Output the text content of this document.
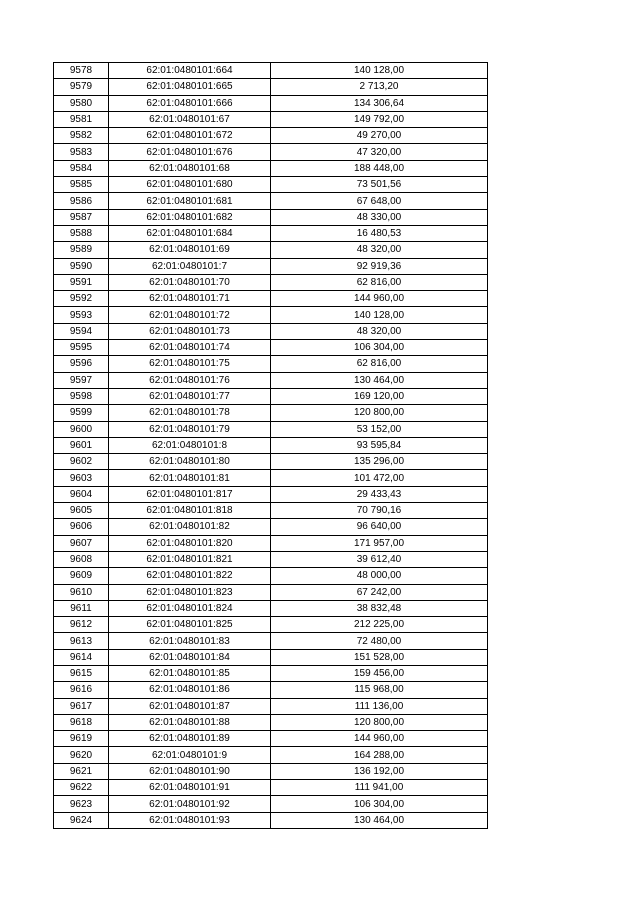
9578	62:01:0480101:664	140 128,00
9579	62:01:0480101:665	2 713,20
9580	62:01:0480101:666	134 306,64
9581	62:01:0480101:67	149 792,00
9582	62:01:0480101:672	49 270,00
9583	62:01:0480101:676	47 320,00
9584	62:01:0480101:68	188 448,00
9585	62:01:0480101:680	73 501,56
9586	62:01:0480101:681	67 648,00
9587	62:01:0480101:682	48 330,00
9588	62:01:0480101:684	16 480,53
9589	62:01:0480101:69	48 320,00
9590	62:01:0480101:7	92 919,36
9591	62:01:0480101:70	62 816,00
9592	62:01:0480101:71	144 960,00
9593	62:01:0480101:72	140 128,00
9594	62:01:0480101:73	48 320,00
9595	62:01:0480101:74	106 304,00
9596	62:01:0480101:75	62 816,00
9597	62:01:0480101:76	130 464,00
9598	62:01:0480101:77	169 120,00
9599	62:01:0480101:78	120 800,00
9600	62:01:0480101:79	53 152,00
9601	62:01:0480101:8	93 595,84
9602	62:01:0480101:80	135 296,00
9603	62:01:0480101:81	101 472,00
9604	62:01:0480101:817	29 433,43
9605	62:01:0480101:818	70 790,16
9606	62:01:0480101:82	96 640,00
9607	62:01:0480101:820	171 957,00
9608	62:01:0480101:821	39 612,40
9609	62:01:0480101:822	48 000,00
9610	62:01:0480101:823	67 242,00
9611	62:01:0480101:824	38 832,48
9612	62:01:0480101:825	212 225,00
9613	62:01:0480101:83	72 480,00
9614	62:01:0480101:84	151 528,00
9615	62:01:0480101:85	159 456,00
9616	62:01:0480101:86	115 968,00
9617	62:01:0480101:87	111 136,00
9618	62:01:0480101:88	120 800,00
9619	62:01:0480101:89	144 960,00
9620	62:01:0480101:9	164 288,00
9621	62:01:0480101:90	136 192,00
9622	62:01:0480101:91	111 941,00
9623	62:01:0480101:92	106 304,00
9624	62:01:0480101:93	130 464,00
